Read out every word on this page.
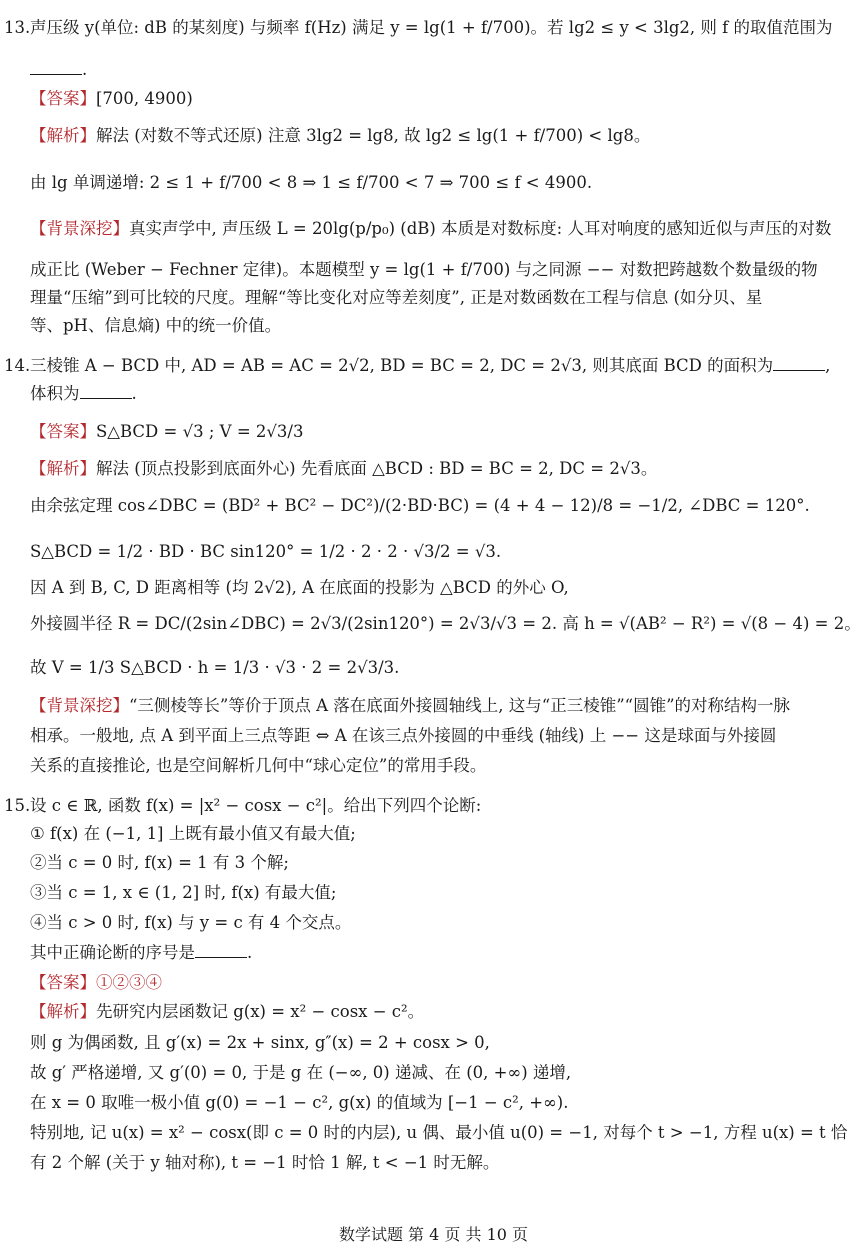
13. 声压级 y(单位: dB 的某刻度) 与频率 f(Hz) 满足 y = lg(1 + f/700)。若 lg2 ≤ y < 3lg2, 则 f 的取值范围为
.
【答案】[700, 4900)
【解析】解法 (对数不等式还原) 注意 3lg2 = lg8, 故 lg2 ≤ lg(1 + f/700) < lg8。
由 lg 单调递增: 2 ≤ 1 + f/700 < 8 ⇒ 1 ≤ f/700 < 7 ⇒ 700 ≤ f < 4900.
【背景深挖】真实声学中, 声压级 L = 20lg(p/p₀) (dB) 本质是对数标度: 人耳对响度的感知近似与声压的对数
成正比 (Weber − Fechner 定律)。本题模型 y = lg(1 + f/700) 与之同源 −− 对数把跨越数个数量级的物
理量“压缩”到可比较的尺度。理解“等比变化对应等差刻度”, 正是对数函数在工程与信息 (如分贝、星
等、pH、信息熵) 中的统一价值。
14. 三棱锥 A − BCD 中, AD = AB = AC = 2√2, BD = BC = 2, DC = 2√3, 则其底面 BCD 的面积为	,
体积为	.
【答案】S△BCD = √3 ; V = 2√3/3
【解析】解法 (顶点投影到底面外心) 先看底面 △BCD : BD = BC = 2, DC = 2√3。
由余弦定理 cos∠DBC = (BD² + BC² − DC²)/(2·BD·BC) = (4 + 4 − 12)/8 = −1/2, ∠DBC = 120°.
S△BCD = 1/2 · BD · BC sin120° = 1/2 · 2 · 2 · √3/2 = √3.
因 A 到 B, C, D 距离相等 (均 2√2), A 在底面的投影为 △BCD 的外心 O,
外接圆半径 R = DC/(2sin∠DBC) = 2√3/(2sin120°) = 2√3/√3 = 2. 高 h = √(AB² − R²) = √(8 − 4) = 2。
故 V = 1/3 S△BCD · h = 1/3 · √3 · 2 = 2√3/3.
【背景深挖】“三侧棱等长”等价于顶点 A 落在底面外接圆轴线上, 这与“正三棱锥”“圆锥”的对称结构一脉
相承。一般地, 点 A 到平面上三点等距 ⇔ A 在该三点外接圆的中垂线 (轴线) 上 −− 这是球面与外接圆
关系的直接推论, 也是空间解析几何中“球心定位”的常用手段。
15. 设 c ∈ ℝ, 函数 f(x) = |x² − cosx − c²|。给出下列四个论断:
① f(x) 在 (−1, 1] 上既有最小值又有最大值;
②当 c = 0 时, f(x) = 1 有 3 个解;
③当 c = 1, x ∈ (1, 2] 时, f(x) 有最大值;
④当 c > 0 时, f(x) 与 y = c 有 4 个交点。
其中正确论断的序号是	.
【答案】①②③④
【解析】先研究内层函数记 g(x) = x² − cosx − c²。
则 g 为偶函数, 且 g′(x) = 2x + sinx, g″(x) = 2 + cosx > 0,
故 g′ 严格递增, 又 g′(0) = 0, 于是 g 在 (−∞, 0) 递减、在 (0, +∞) 递增,
在 x = 0 取唯一极小值 g(0) = −1 − c², g(x) 的值域为 [−1 − c², +∞).
特别地, 记 u(x) = x² − cosx(即 c = 0 时的内层), u 偶、最小值 u(0) = −1, 对每个 t > −1, 方程 u(x) = t 恰
有 2 个解 (关于 y 轴对称), t = −1 时恰 1 解, t < −1 时无解。
数学试题 第 4 页 共 10 页
